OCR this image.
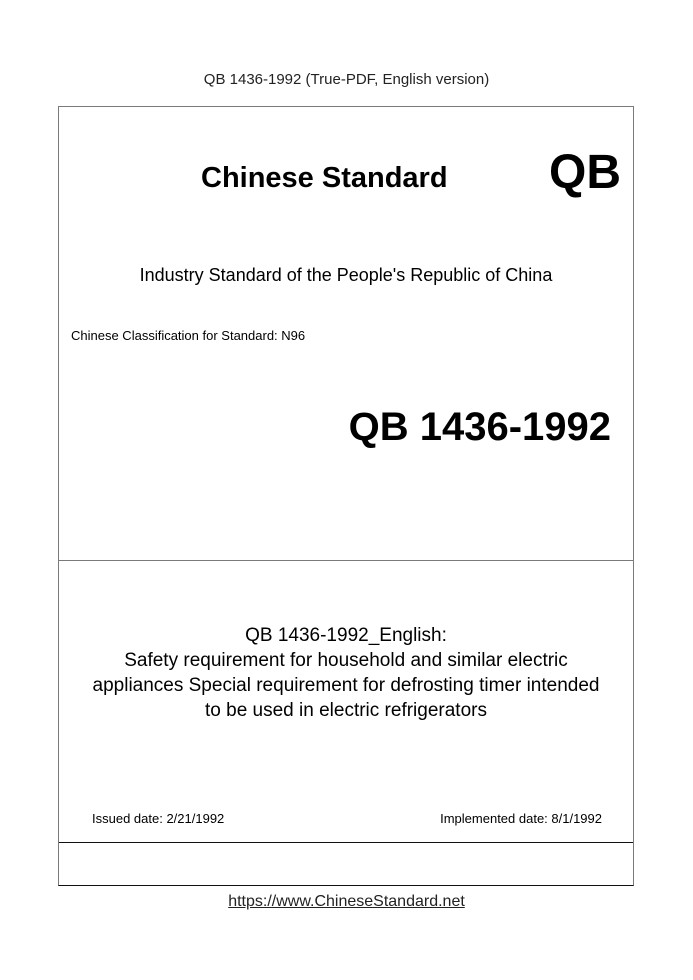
QB 1436-1992 (True-PDF, English version)
Chinese Standard QB
Industry Standard of the People's Republic of China
Chinese Classification for Standard: N96
QB 1436-1992
QB 1436-1992_English:
Safety requirement for household and similar electric
appliances Special requirement for defrosting timer intended
to be used in electric refrigerators
Issued date: 2/21/1992	Implemented date: 8/1/1992
https://www.ChineseStandard.net
